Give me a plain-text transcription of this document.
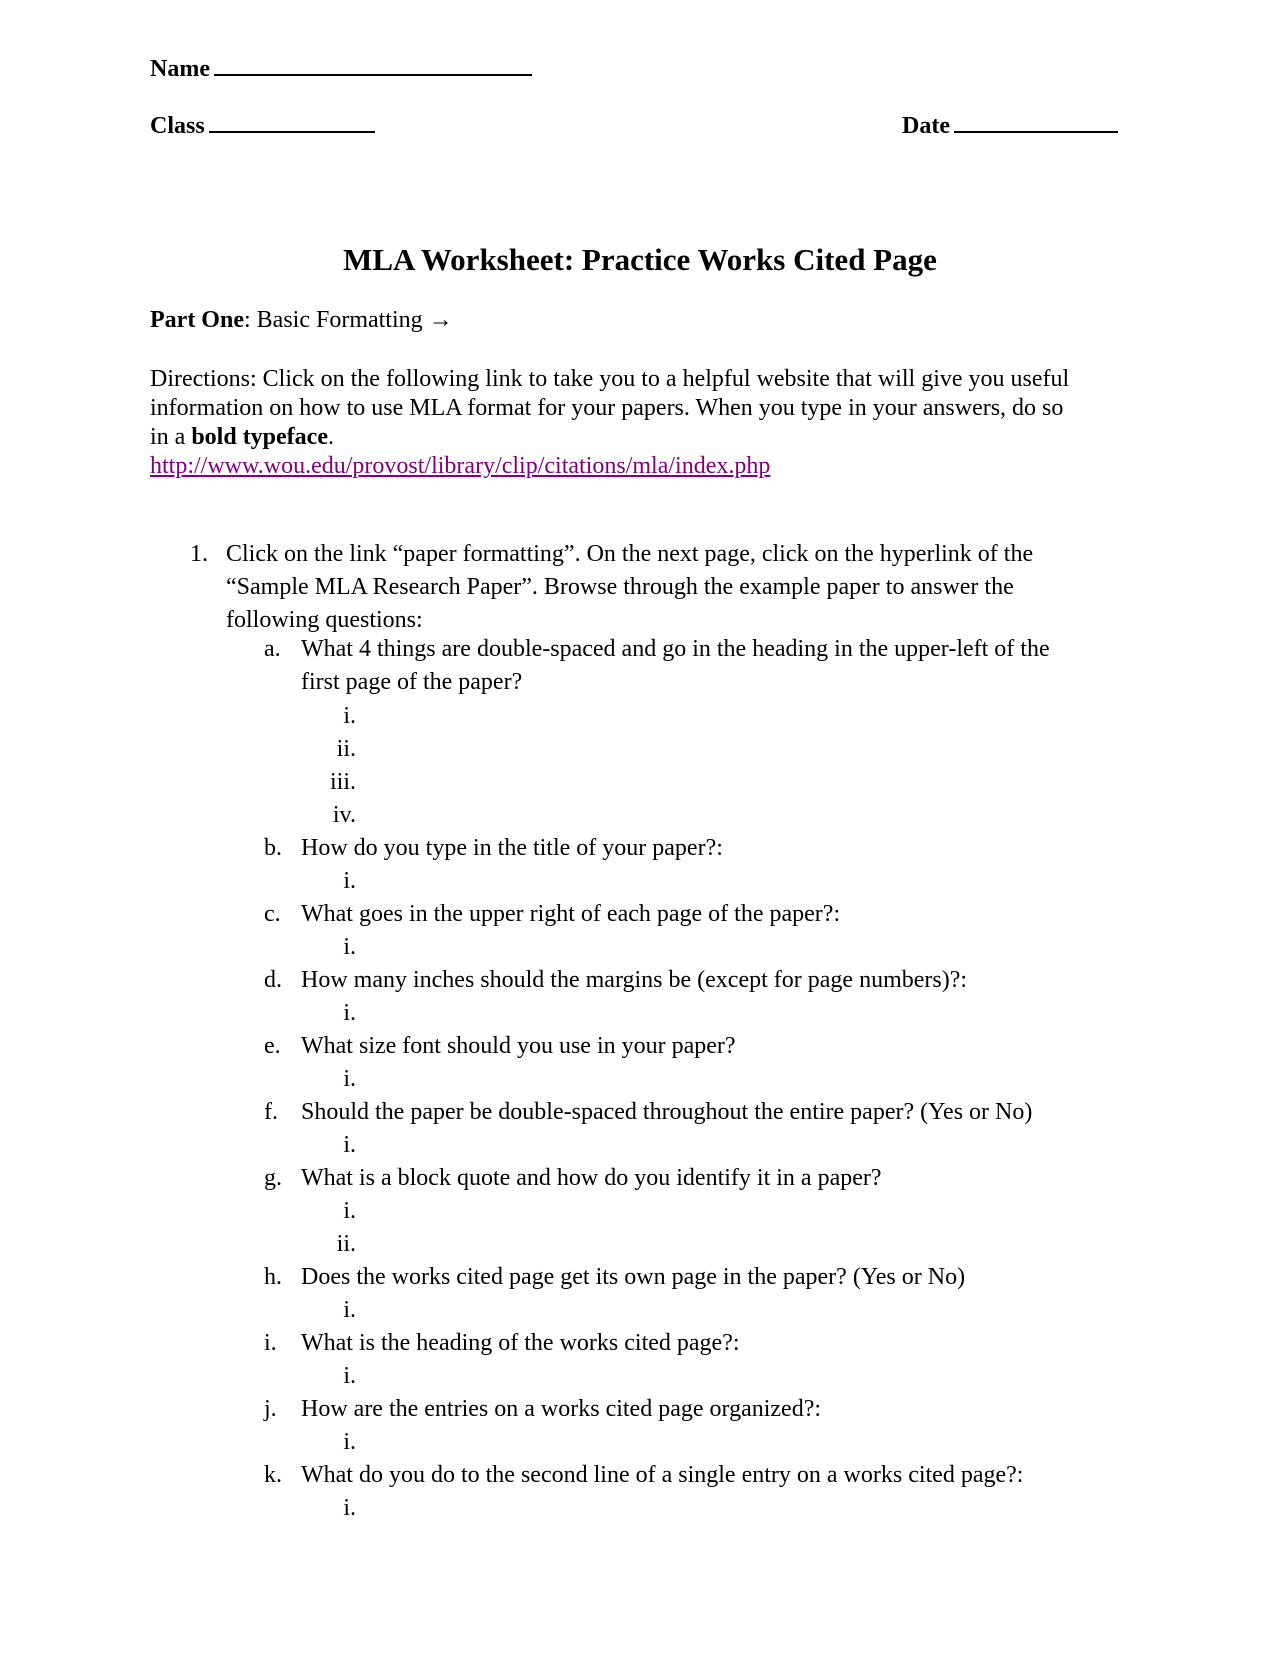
Name
Class	Date
MLA Worksheet: Practice Works Cited Page
Part One: Basic Formatting →
Directions: Click on the following link to take you to a helpful website that will give you useful
information on how to use MLA format for your papers. When you type in your answers, do so
in a bold typeface.
http://www.wou.edu/provost/library/clip/citations/mla/index.php
1. Click on the link “paper formatting”. On the next page, click on the hyperlink of the
“Sample MLA Research Paper”. Browse through the example paper to answer the
following questions:
a. What 4 things are double-spaced and go in the heading in the upper-left of the
first page of the paper?
i.
ii.
iii.
iv.
b. How do you type in the title of your paper?:
i.
c. What goes in the upper right of each page of the paper?:
i.
d. How many inches should the margins be (except for page numbers)?:
i.
e. What size font should you use in your paper?
i.
f. Should the paper be double-spaced throughout the entire paper? (Yes or No)
i.
g. What is a block quote and how do you identify it in a paper?
i.
ii.
h. Does the works cited page get its own page in the paper? (Yes or No)
i.
i. What is the heading of the works cited page?:
i.
j. How are the entries on a works cited page organized?:
i.
k. What do you do to the second line of a single entry on a works cited page?:
i.
